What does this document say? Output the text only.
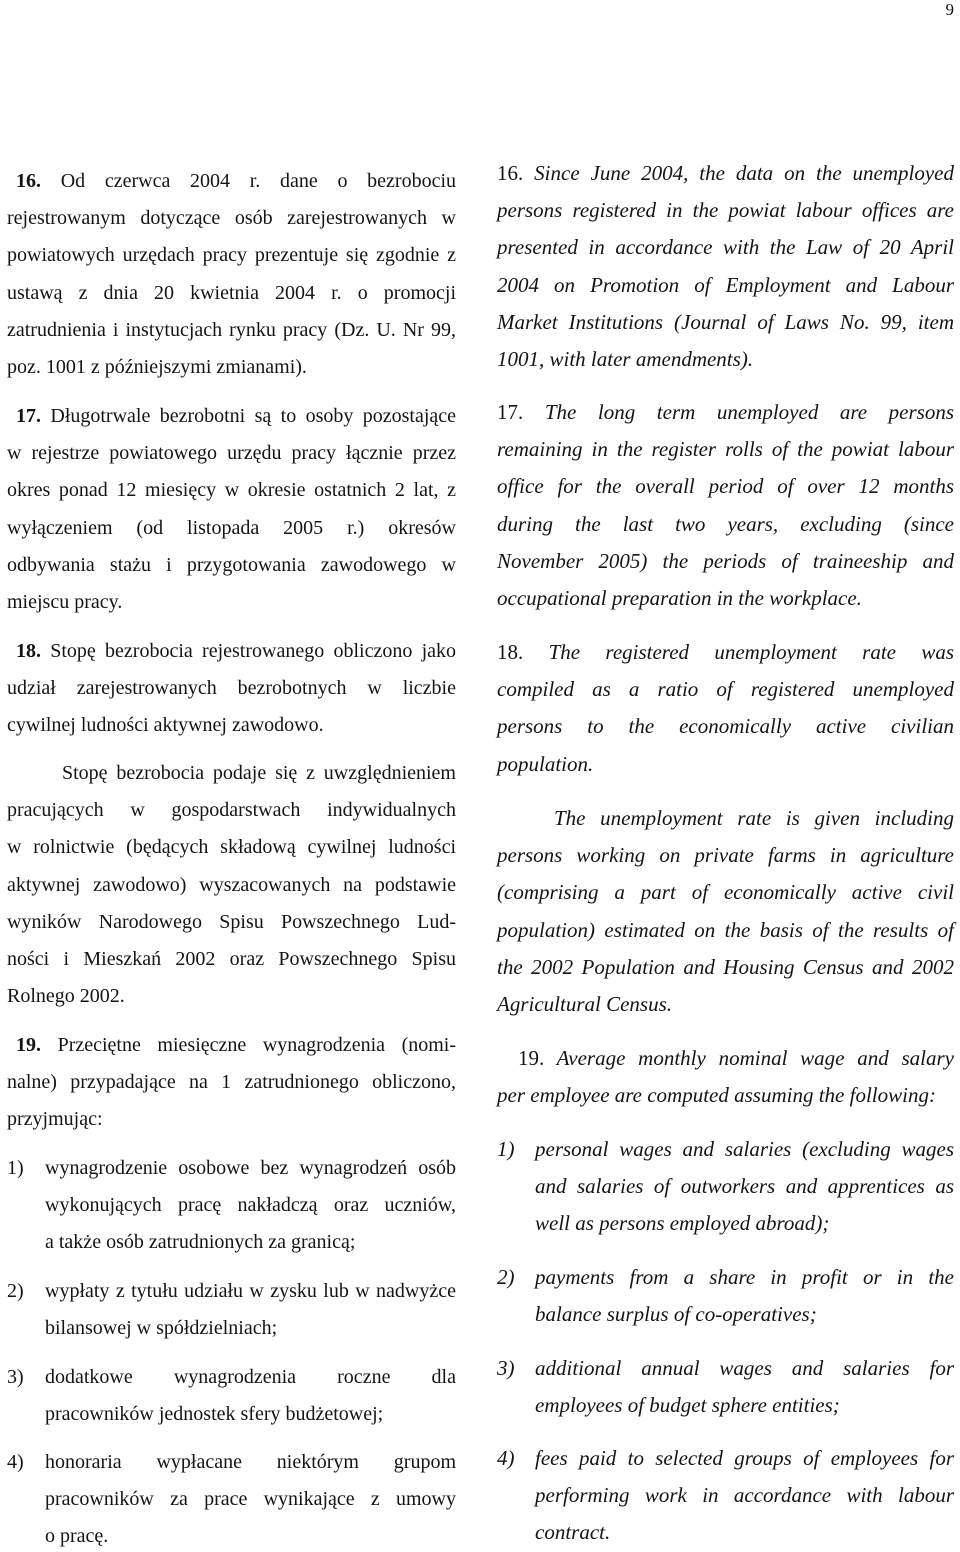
9
16. Od czerwca 2004 r. dane o bezrobociu
rejestrowanym dotyczące osób zarejestrowanych w
powiatowych urzędach pracy prezentuje się zgodnie z
ustawą z dnia 20 kwietnia 2004 r. o promocji
zatrudnienia i instytucjach rynku pracy (Dz. U. Nr 99,
poz. 1001 z późniejszymi zmianami).
17. Długotrwale bezrobotni są to osoby pozostające
w rejestrze powiatowego urzędu pracy łącznie przez
okres ponad 12 miesięcy w okresie ostatnich 2 lat, z
wyłączeniem (od listopada 2005 r.) okresów
odbywania stażu i przygotowania zawodowego w
miejscu pracy.
18. Stopę bezrobocia rejestrowanego obliczono jako
udział zarejestrowanych bezrobotnych w liczbie
cywilnej ludności aktywnej zawodowo.
Stopę bezrobocia podaje się z uwzględnieniem
pracujących w gospodarstwach indywidualnych
w rolnictwie (będących składową cywilnej ludności
aktywnej zawodowo) wyszacowanych na podstawie
wyników Narodowego Spisu Powszechnego Lud-
ności i Mieszkań 2002 oraz Powszechnego Spisu
Rolnego 2002.
19. Przeciętne miesięczne wynagrodzenia (nomi-
nalne) przypadające na 1 zatrudnionego obliczono,
przyjmując:
1)	wynagrodzenie osobowe bez wynagrodzeń osób
wykonujących pracę nakładczą oraz uczniów,
a także osób zatrudnionych za granicą;
2)	wypłaty z tytułu udziału w zysku lub w nadwyżce
bilansowej w spółdzielniach;
3)	dodatkowe wynagrodzenia roczne dla
pracowników jednostek sfery budżetowej;
4)	honoraria wypłacane niektórym grupom
pracowników za prace wynikające z umowy
o pracę.
16. Since June 2004, the data on the unemployed
persons registered in the powiat labour offices are
presented in accordance with the Law of 20 April
2004 on Promotion of Employment and Labour
Market Institutions (Journal of Laws No. 99, item
1001, with later amendments).
17. The long term unemployed are persons
remaining in the register rolls of the powiat labour
office for the overall period of over 12 months
during the last two years, excluding (since
November 2005) the periods of traineeship and
occupational preparation in the workplace.
18. The registered unemployment rate was
compiled as a ratio of registered unemployed
persons to the economically active civilian
population.
The unemployment rate is given including
persons working on private farms in agriculture
(comprising a part of economically active civil
population) estimated on the basis of the results of
the 2002 Population and Housing Census and 2002
Agricultural Census.
19. Average monthly nominal wage and salary
per employee are computed assuming the following:
1) personal wages and salaries (excluding wages
and salaries of outworkers and apprentices as
well as persons employed abroad);
2) payments from a share in profit or in the
balance surplus of co-operatives;
3) additional annual wages and salaries for
employees of budget sphere entities;
4) fees paid to selected groups of employees for
performing work in accordance with labour
contract.
